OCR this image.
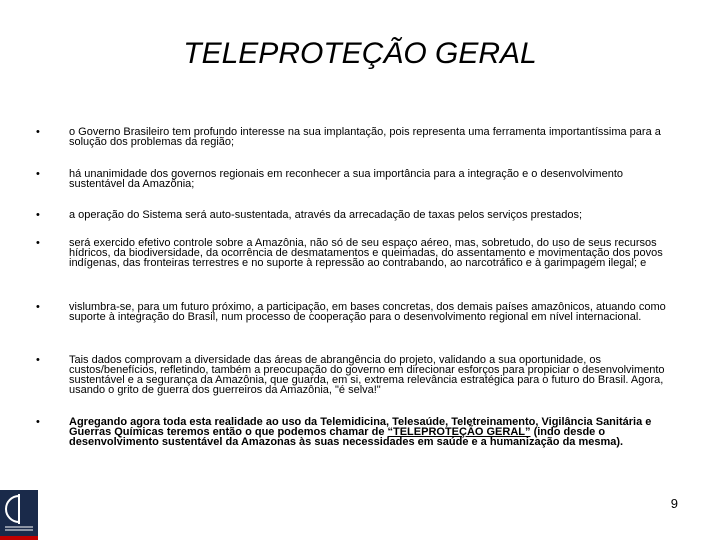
TELEPROTEÇÃO GERAL
•	o Governo Brasileiro tem profundo interesse na sua implantação, pois representa uma ferramenta importantíssima para a solução dos problemas da região;
•	há unanimidade dos governos regionais em reconhecer a sua importância para a integração e o desenvolvimento sustentável da Amazônia;
•	a operação do Sistema será auto-sustentada, através da arrecadação de taxas pelos serviços prestados;
•	será exercido efetivo controle sobre a Amazônia, não só de seu espaço aéreo, mas, sobretudo, do uso de seus recursos hídricos, da biodiversidade, da ocorrência de desmatamentos e queimadas, do assentamento e movimentação dos povos indígenas, das fronteiras terrestres e no suporte à repressão ao contrabando, ao narcotráfico e à garimpagem ilegal; e
•	vislumbra-se, para um futuro próximo, a participação, em bases concretas, dos demais países amazônicos, atuando como suporte à integração do Brasil, num processo de cooperação para o desenvolvimento regional em nível internacional.
•	Tais dados comprovam a diversidade das áreas de abrangência do projeto, validando a sua oportunidade, os custos/benefícios, refletindo, também a preocupação do governo em direcionar esforços para propiciar o desenvolvimento sustentável e a segurança da Amazônia, que guarda, em si, extrema relevância estratégica para o futuro do Brasil. Agora, usando o grito de guerra dos guerreiros da Amazônia, "é selva!"
•	Agregando agora toda esta realidade ao uso da Telemidicina, Telesaúde, Teletreinamento, Vigilância Sanitária e Guerras Químicas teremos então o que podemos chamar de “TELEPROTEÇÃO GERAL” (indo desde o desenvolvimento sustentável da Amazonas às suas necessidades em saúde e a humanização da mesma).
9
